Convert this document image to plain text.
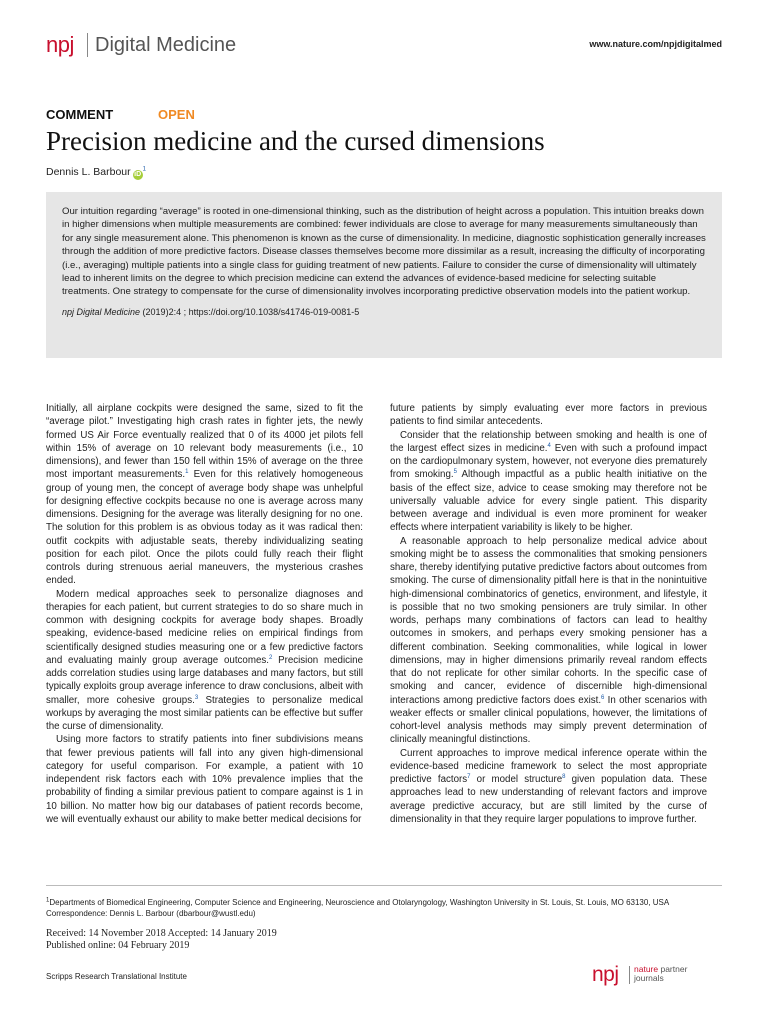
npj Digital Medicine	www.nature.com/npjdigitalmed
COMMENT	OPEN
Precision medicine and the cursed dimensions
Dennis L. Barbour $iD^1$

Our intuition regarding “average” is rooted in one-dimensional thinking, such as the distribution of height across a population. This intuition breaks down in higher dimensions when multiple measurements are combined: fewer individuals are close to average for many measurements simultaneously than for any single measurement alone. This phenomenon is known as the curse of dimensionality. In medicine, diagnostic sophistication generally increases through the addition of more predictive factors. Disease classes themselves become more dissimilar as a result, increasing the difficulty of incorporating (i.e., averaging) multiple patients into a single class for guiding treatment of new patients. Failure to consider the curse of dimensionality will ultimately lead to inherent limits on the degree to which precision medicine can extend the advances of evidence-based medicine for selecting suitable treatments. One strategy to compensate for the curse of dimensionality involves incorporating predictive observation models into the patient workup.

npj Digital Medicine (2019)2:4 ; https://doi.org/10.1038/s41746-019-0081-5

Initially, all airplane cockpits were designed the same, sized to fit the “average pilot.” Investigating high crash rates in fighter jets, the newly formed US Air Force eventually realized that 0 of its 4000 jet pilots fell within 15% of average on 10 relevant body measurements (i.e., 10 dimensions), and fewer than 150 fell within 15% of average on the three most important measurements.$^1$ Even for this relatively homogeneous group of young men, the concept of average body shape was unhelpful for designing effective cockpits because no one is average across many dimensions. Designing for the average was literally designing for no one. The solution for this problem is as obvious today as it was radical then: outfit cockpits with adjustable seats, thereby individualizing seating position for each pilot. Once the pilots could fully reach their flight controls during strenuous aerial maneuvers, the mysterious crashes ended.

Modern medical approaches seek to personalize diagnoses and therapies for each patient, but current strategies to do so share much in common with designing cockpits for average body shapes. Broadly speaking, evidence-based medicine relies on empirical findings from scientifically designed studies measuring one or a few predictive factors and evaluating mainly group average outcomes.$^2$ Precision medicine adds correlation studies using large databases and many factors, but still typically exploits group average inference to draw conclusions, albeit with smaller, more cohesive groups.$^3$ Strategies to personalize medical workups by averaging the most similar patients can be effective but suffer the curse of dimensionality.

Using more factors to stratify patients into finer subdivisions means that fewer previous patients will fall into any given high-dimensional category for useful comparison. For example, a patient with 10 independent risk factors each with 10% prevalence implies that the probability of finding a similar previous patient to compare against is 1 in 10 billion. No matter how big our databases of patient records become, we will eventually exhaust our ability to make better medical decisions for

future patients by simply evaluating ever more factors in previous patients to find similar antecedents.

Consider that the relationship between smoking and health is one of the largest effect sizes in medicine.$^4$ Even with such a profound impact on the cardiopulmonary system, however, not everyone dies prematurely from smoking.$^5$ Although impactful as a public health initiative on the basis of the effect size, advice to cease smoking may therefore not be universally valuable advice for every single patient. This disparity between average and individual is even more prominent for weaker effects where interpatient variability is likely to be higher.

A reasonable approach to help personalize medical advice about smoking might be to assess the commonalities that smoking pensioners share, thereby identifying putative predictive factors about outcomes from smoking. The curse of dimensionality pitfall here is that in the nonintuitive high-dimensional combinatorics of genetics, environment, and lifestyle, it is possible that no two smoking pensioners are truly similar. In other words, perhaps many combinations of factors can lead to healthy outcomes in smokers, and perhaps every smoking pensioner has a different combination. Seeking commonalities, while logical in lower dimensions, may in higher dimensions primarily reveal random effects that do not replicate for other similar cohorts. In the specific case of smoking and cancer, evidence of discernible high-dimensional interactions among predictive factors does exist.$^6$ In other scenarios with weaker effects or smaller clinical populations, however, the limitations of cohort-level analysis methods may simply prevent determination of clinically meaningful distinctions.

Current approaches to improve medical inference operate within the evidence-based medicine framework to select the most appropriate predictive factors$^7$ or model structure$^8$ given population data. These approaches lead to new understanding of relevant factors and improve average predictive accuracy, but are still limited by the curse of dimensionality in that they require larger populations to improve further.

$^1$Departments of Biomedical Engineering, Computer Science and Engineering, Neuroscience and Otolaryngology, Washington University in St. Louis, St. Louis, MO 63130, USA
Correspondence: Dennis L. Barbour (dbarbour@wustl.edu)
Received: 14 November 2018 Accepted: 14 January 2019
Published online: 04 February 2019
Scripps Research Translational Institute	npj nature partner
journals
